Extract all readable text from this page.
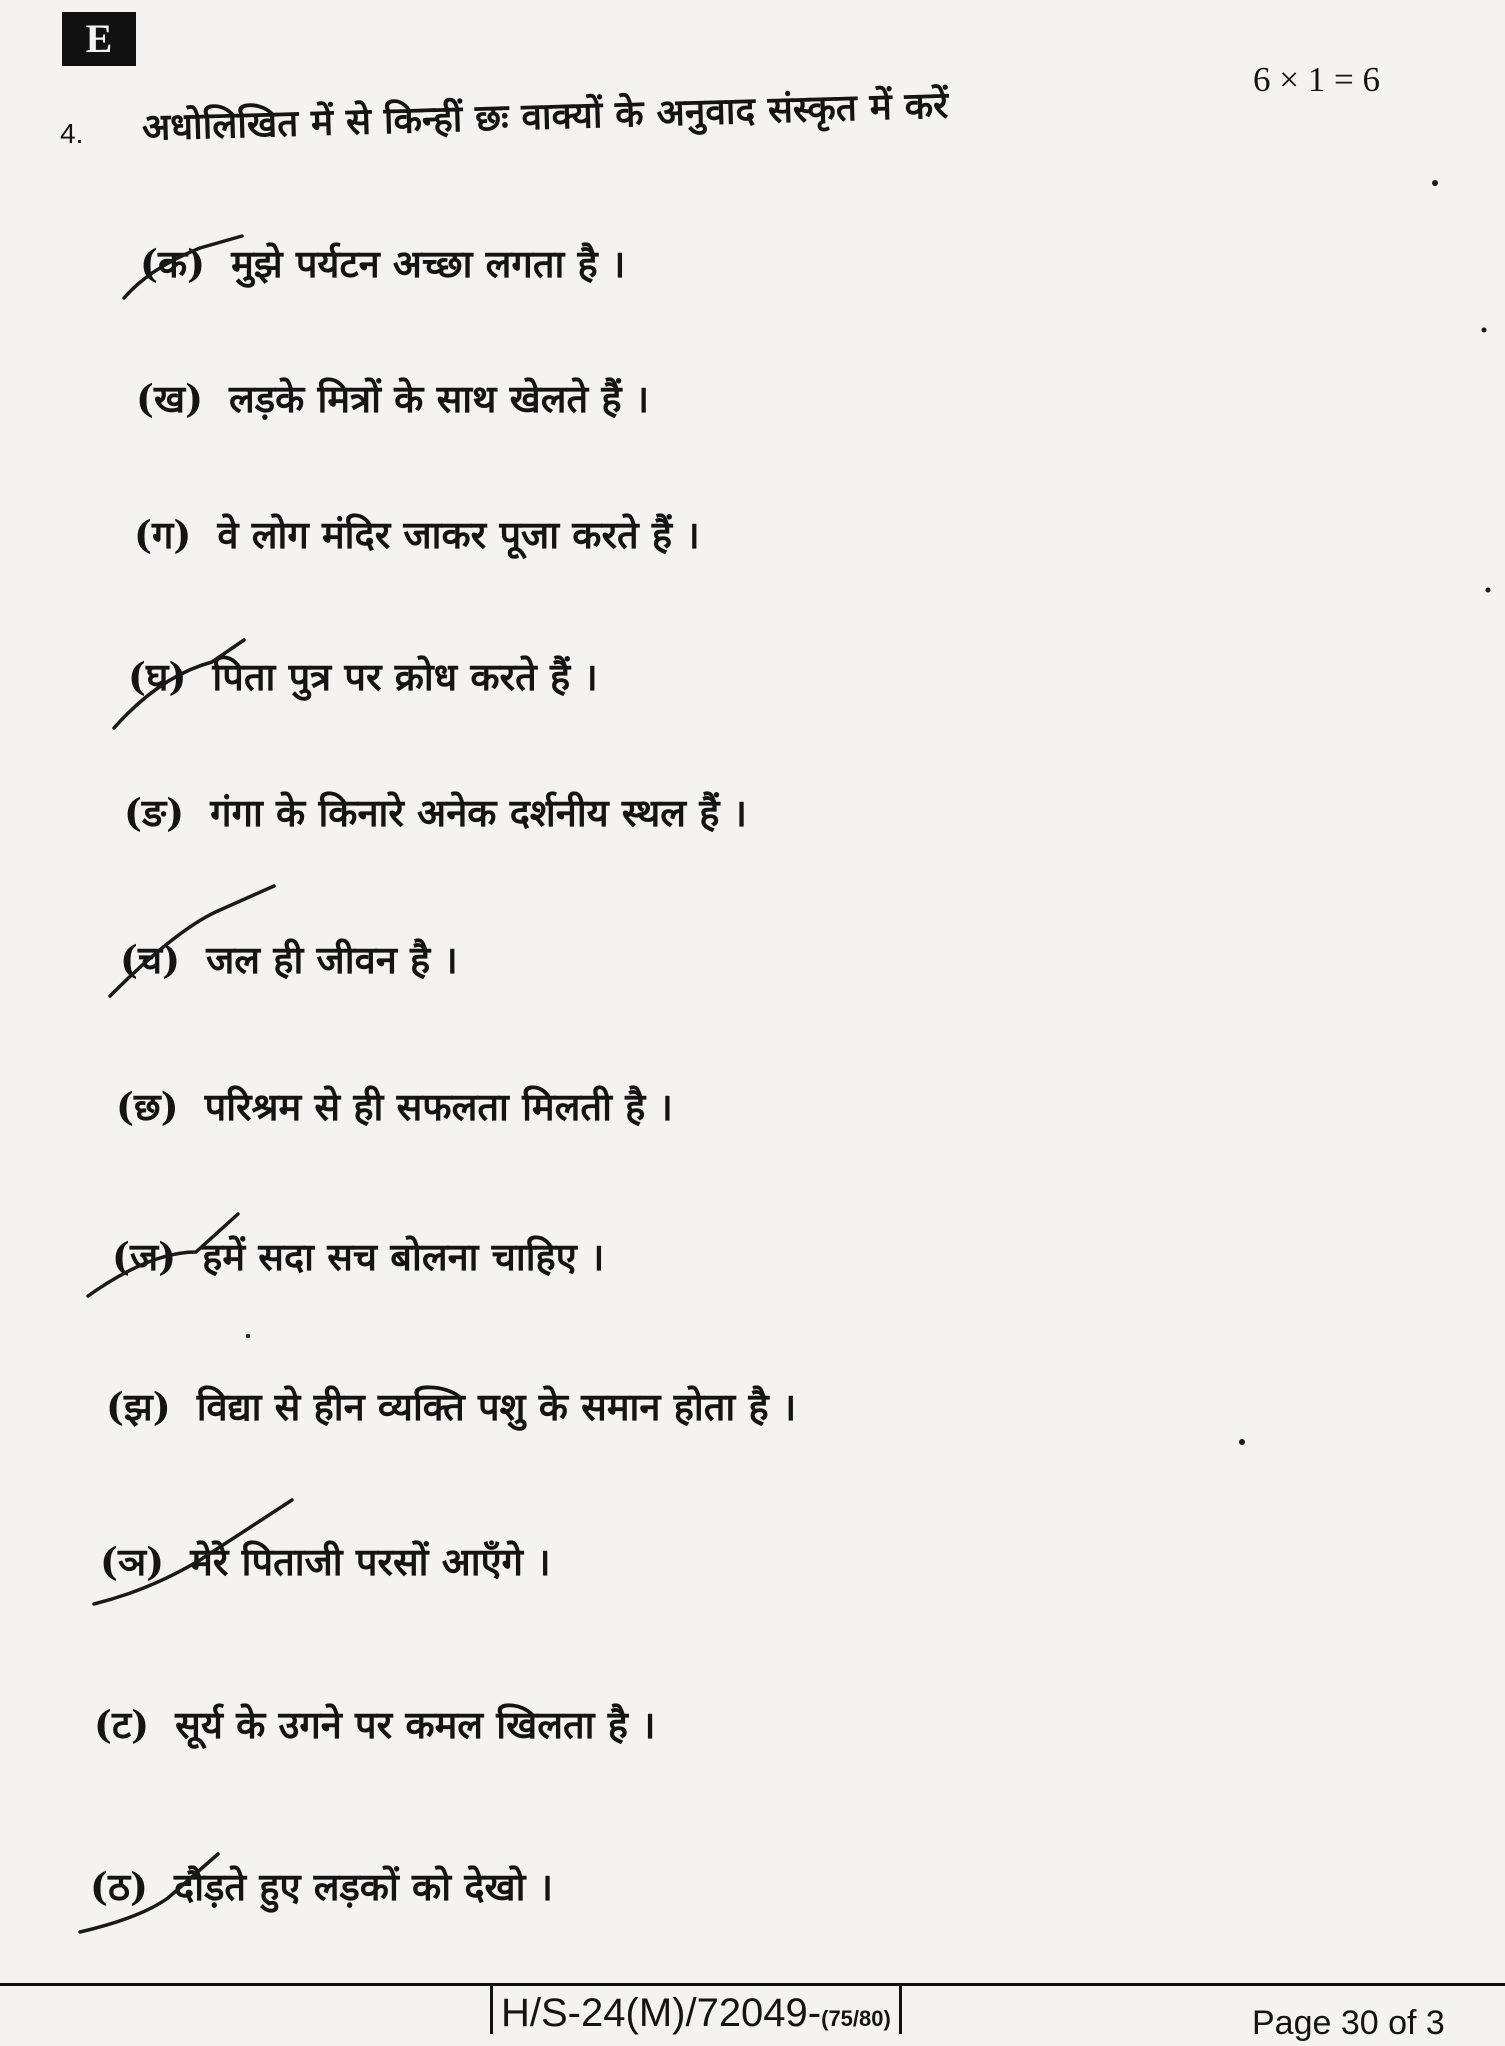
E
4. अधोलिखित में से किन्हीं छः वाक्यों के अनुवाद संस्कृत में करें
6 × 1 = 6
(क) मुझे पर्यटन अच्छा लगता है ।
(ख) लड़के मित्रों के साथ खेलते हैं ।
(ग) वे लोग मंदिर जाकर पूजा करते हैं ।
(घ) पिता पुत्र पर क्रोध करते हैं ।
(ङ) गंगा के किनारे अनेक दर्शनीय स्थल हैं ।
(च) जल ही जीवन है ।
(छ) परिश्रम से ही सफलता मिलती है ।
(ज) हमें सदा सच बोलना चाहिए ।
(झ) विद्या से हीन व्यक्ति पशु के समान होता है ।
(ञ) मेरे पिताजी परसों आएँगे ।
(ट) सूर्य के उगने पर कमल खिलता है ।
(ठ) दौड़ते हुए लड़कों को देखो ।
H/S-24(M)/72049-(75/80)	Page 30 of 3
